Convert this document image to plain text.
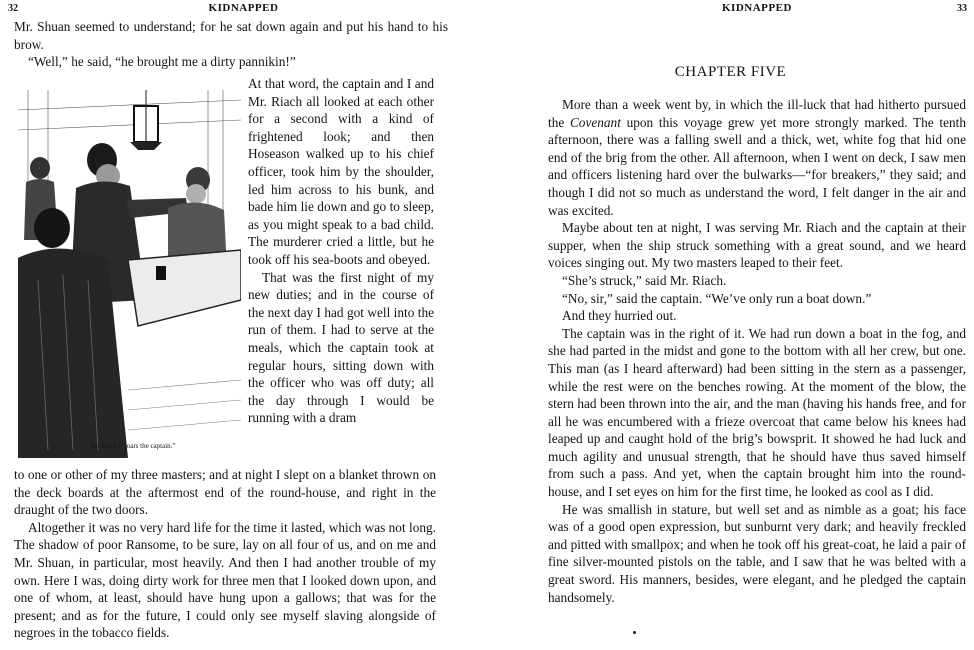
32	KIDNAPPED

Mr. Shuan seemed to understand; for he sat down again and put his hand to his brow.

“Well,” he said, “he brought me a dirty pannikin!”

“ ‘Sit down !’ roars the captain.”

At that word, the captain and I and Mr. Riach all looked at each other for a second with a kind of frightened look; and then Hoseason walked up to his chief officer, took him by the shoulder, led him across to his bunk, and bade him lie down and go to sleep, as you might speak to a bad child. The murderer cried a little, but he took off his sea-boots and obeyed.

That was the first night of my new duties; and in the course of the next day I had got well into the run of them. I had to serve at the meals, which the captain took at regular hours, sitting down with the officer who was off duty; all the day through I would be running with a dram

to one or other of my three masters; and at night I slept on a blanket thrown on the deck boards at the aftermost end of the round-house, and right in the draught of the two doors.

Altogether it was no very hard life for the time it lasted, which was not long. The shadow of poor Ransome, to be sure, lay on all four of us, and on me and Mr. Shuan, in particular, most heavily. And then I had another trouble of my own. Here I was, doing dirty work for three men that I looked down upon, and one of whom, at least, should have hung upon a gallows; that was for the present; and as for the future, I could only see myself slaving alongside of negroes in the tobacco fields.

KIDNAPPED	33
CHAPTER FIVE

More than a week went by, in which the ill-luck that had hitherto pursued the Covenant upon this voyage grew yet more strongly marked. The tenth afternoon, there was a falling swell and a thick, wet, white fog that hid one end of the brig from the other. All afternoon, when I went on deck, I saw men and officers listening hard over the bulwarks—“for breakers,” they said; and though I did not so much as understand the word, I felt danger in the air and was excited.

Maybe about ten at night, I was serving Mr. Riach and the captain at their supper, when the ship struck something with a great sound, and we heard voices singing out. My two masters leaped to their feet.

“She’s struck,” said Mr. Riach.

“No, sir,” said the captain. “We’ve only run a boat down.”

And they hurried out.

The captain was in the right of it. We had run down a boat in the fog, and she had parted in the midst and gone to the bottom with all her crew, but one. This man (as I heard afterward) had been sitting in the stern as a passenger, while the rest were on the benches rowing. At the moment of the blow, the stern had been thrown into the air, and the man (having his hands free, and for all he was encumbered with a frieze overcoat that came below his knees had leaped up and caught hold of the brig’s bowsprit. It showed he had luck and much agility and unusual strength, that he should have thus saved himself from such a pass. And yet, when the captain brought him into the round-house, and I set eyes on him for the first time, he looked as cool as I did.

He was smallish in stature, but well set and as nimble as a goat; his face was of a good open expression, but sunburnt very dark; and heavily freckled and pitted with smallpox; and when he took off his great-coat, he laid a pair of fine silver-mounted pistols on the table, and I saw that he was belted with a great sword. His manners, besides, were elegant, and he pledged the captain handsomely.
